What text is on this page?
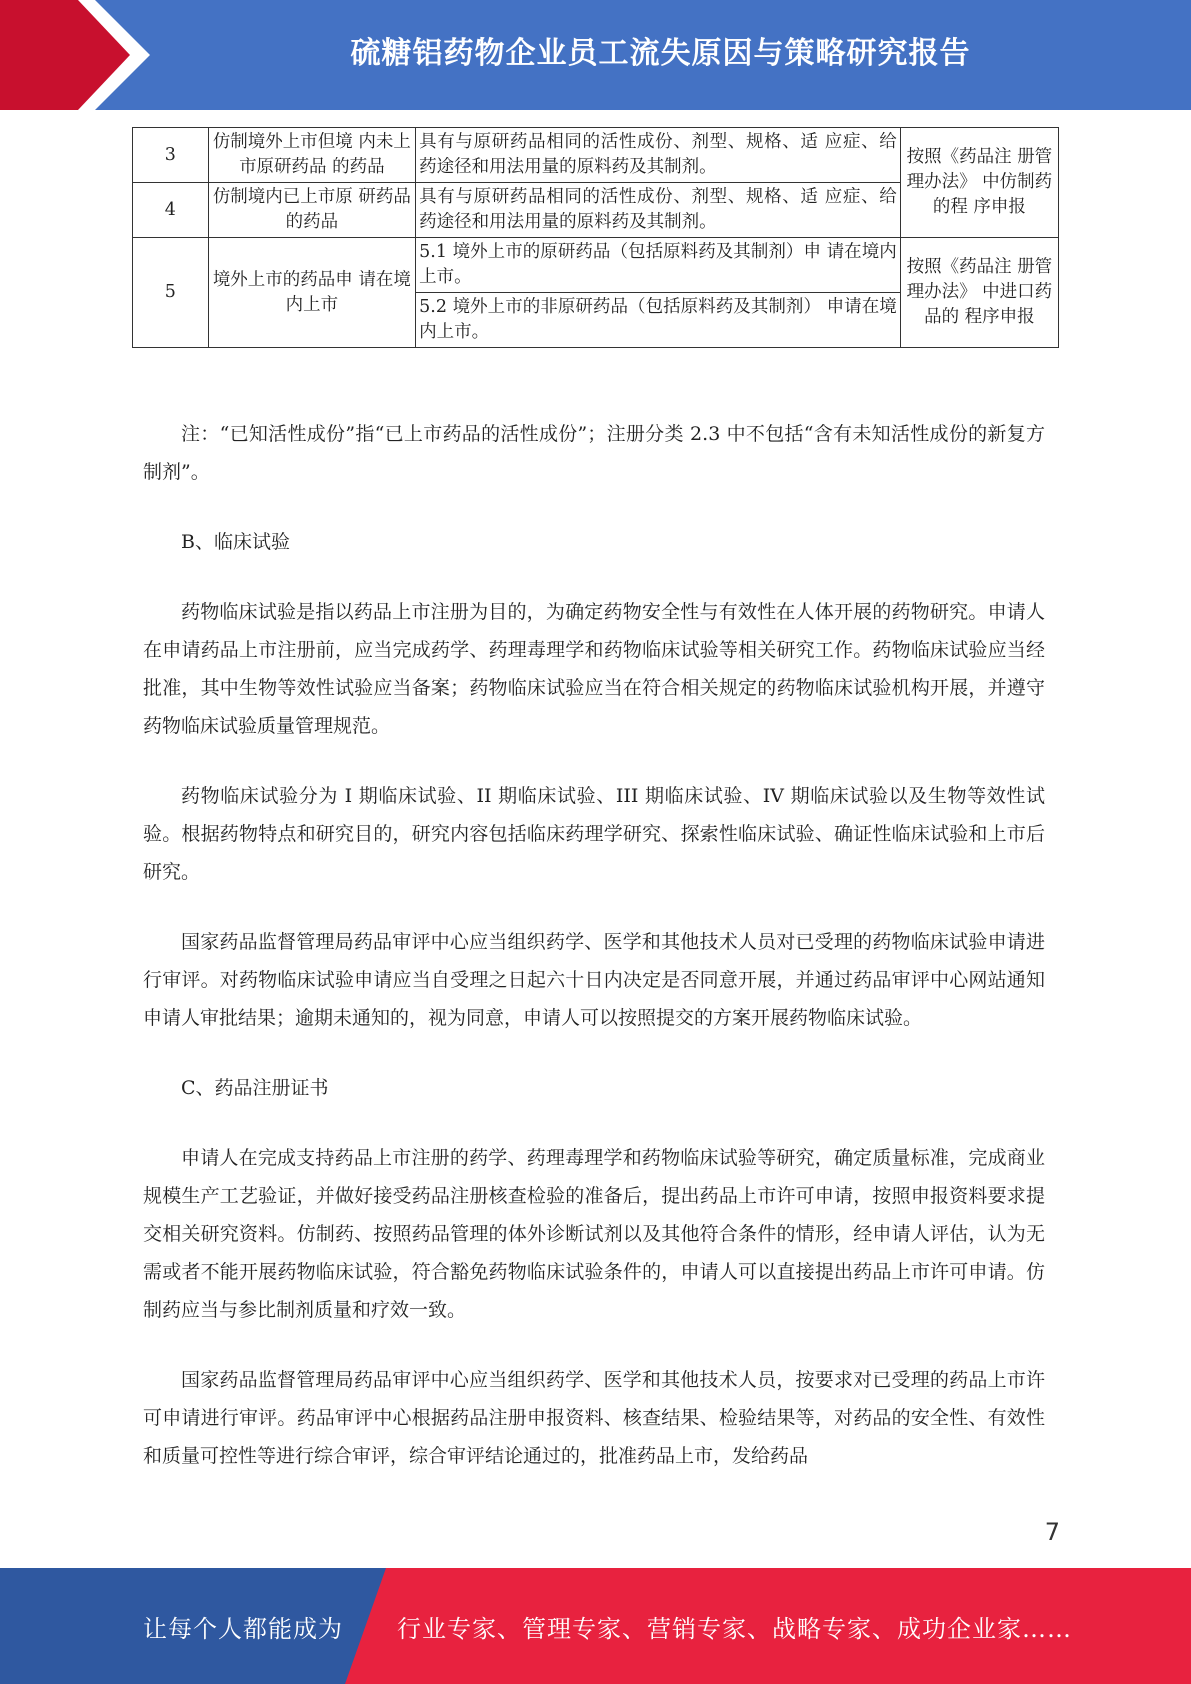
硫糖铝药物企业员工流失原因与策略研究报告
3	仿制境外上市但境 内未上市原研药品 的药品	具有与原研药品相同的活性成份、剂型、规格、适 应症、给药途径和用法用量的原料药及其制剂。	按照《药品注 册管理办法》 中仿制药的程 序申报
4	仿制境内已上市原 研药品的药品	具有与原研药品相同的活性成份、剂型、规格、适 应症、给药途径和用法用量的原料药及其制剂。	
5	境外上市的药品申 请在境内上市	5.1 境外上市的原研药品（包括原料药及其制剂）申 请在境内上市。	按照《药品注 册管理办法》 中进口药品的 程序申报
		5.2 境外上市的非原研药品（包括原料药及其制剂） 申请在境内上市。	

注：“已知活性成份”指“已上市药品的活性成份”；注册分类 2.3 中不包括“含有未知活性成份的新复方制剂”。

B、临床试验

药物临床试验是指以药品上市注册为目的，为确定药物安全性与有效性在人体开展的药物研究。申请人在申请药品上市注册前，应当完成药学、药理毒理学和药物临床试验等相关研究工作。药物临床试验应当经批准，其中生物等效性试验应当备案；药物临床试验应当在符合相关规定的药物临床试验机构开展，并遵守药物临床试验质量管理规范。

药物临床试验分为 I 期临床试验、II 期临床试验、III 期临床试验、IV 期临床试验以及生物等效性试验。根据药物特点和研究目的，研究内容包括临床药理学研究、探索性临床试验、确证性临床试验和上市后研究。

国家药品监督管理局药品审评中心应当组织药学、医学和其他技术人员对已受理的药物临床试验申请进行审评。对药物临床试验申请应当自受理之日起六十日内决定是否同意开展，并通过药品审评中心网站通知申请人审批结果；逾期未通知的，视为同意，申请人可以按照提交的方案开展药物临床试验。

C、药品注册证书

申请人在完成支持药品上市注册的药学、药理毒理学和药物临床试验等研究，确定质量标准，完成商业规模生产工艺验证，并做好接受药品注册核查检验的准备后，提出药品上市许可申请，按照申报资料要求提交相关研究资料。仿制药、按照药品管理的体外诊断试剂以及其他符合条件的情形，经申请人评估，认为无需或者不能开展药物临床试验，符合豁免药物临床试验条件的，申请人可以直接提出药品上市许可申请。仿制药应当与参比制剂质量和疗效一致。

国家药品监督管理局药品审评中心应当组织药学、医学和其他技术人员，按要求对已受理的药品上市许可申请进行审评。药品审评中心根据药品注册申报资料、核查结果、检验结果等，对药品的安全性、有效性和质量可控性等进行综合审评，综合审评结论通过的，批准药品上市，发给药品

7
让每个人都能成为 行业专家、管理专家、营销专家、战略专家、成功企业家……
